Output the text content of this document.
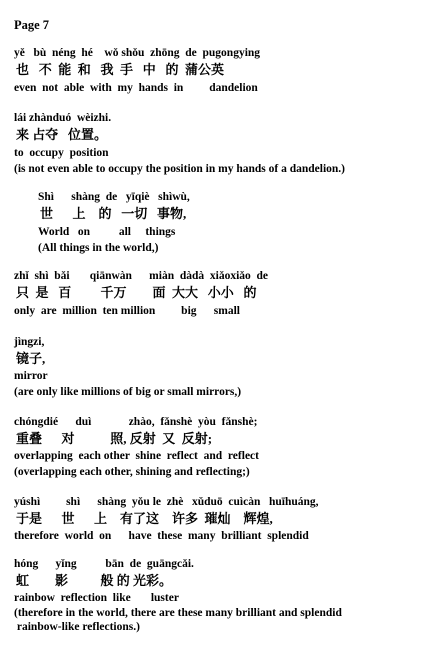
Page 7
yě   bù  néng  hé    wǒ shǒu  zhōng  de  pugongying
也   不  能  和   我  手   中   的  蒲公英
even  not  able  with  my  hands  in         dandelion
lái zhànduó  wèizhi.
来 占夺   位置。
to  occupy  position
(is not even able to occupy the position in my hands of a dandelion.)
Shì      shàng  de   yīqiè   shìwù,
世      上    的   一切   事物,
World   on          all     things
(All things in the world,)
zhǐ  shì  bǎi       qiānwàn      miàn  dàdà  xiǎoxiǎo  de
只  是   百         千万        面  大大   小小   的
only  are  million  ten million         big      small
jìngzi,
镜子,
mirror
(are only like millions of big or small mirrors,)
chóngdié      duì             zhào,  fǎnshè  yòu  fǎnshè;
重叠      对           照, 反射  又  反射;
overlapping  each other  shine  reflect  and  reflect
(overlapping each other, shining and reflecting;)
yúshì         shì      shàng  yǒu le  zhè   xǔduō  cuìcàn   huīhuáng,
于是      世      上    有了这    许多  璀灿    辉煌,
therefore  world  on      have  these  many  brilliant  splendid
hóng      yǐng          bān  de  guāngcǎi.
虹        影          般 的 光彩。
rainbow  reflection  like       luster
(therefore in the world, there are these many brilliant and splendid
rainbow-like reflections.)
